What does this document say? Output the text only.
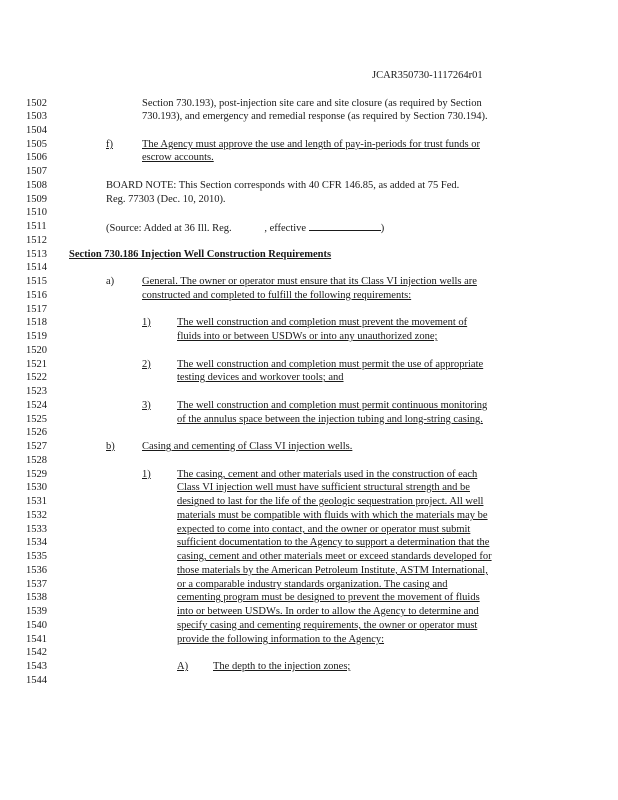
JCAR350730-1117264r01
1502
1503
1504
1505
1506
1507
1508
1509
1510
1511
1512
1513
1514
1515
1516
1517
1518
1519
1520
1521
1522
1523
1524
1525
1526
1527
1528
1529
1530
1531
1532
1533
1534
1535
1536
1537
1538
1539
1540
1541
1542
1543
1544
Section 730.193), post-injection site care and site closure (as required by Section
730.193), and emergency and remedial response (as required by Section 730.194).
f)	The Agency must approve the use and length of pay-in-periods for trust funds or
escrow accounts.
BOARD NOTE: This Section corresponds with 40 CFR 146.85, as added at 75 Fed.
Reg. 77303 (Dec. 10, 2010).
(Source: Added at 36 Ill. Reg.	, effective	)
Section 730.186 Injection Well Construction Requirements
a)	General. The owner or operator must ensure that its Class VI injection wells are
constructed and completed to fulfill the following requirements:
1)	The well construction and completion must prevent the movement of
fluids into or between USDWs or into any unauthorized zone;
2)	The well construction and completion must permit the use of appropriate
testing devices and workover tools; and
3)	The well construction and completion must permit continuous monitoring
of the annulus space between the injection tubing and long-string casing.
b)	Casing and cementing of Class VI injection wells.
1)	The casing, cement and other materials used in the construction of each
Class VI injection well must have sufficient structural strength and be
designed to last for the life of the geologic sequestration project. All well
materials must be compatible with fluids with which the materials may be
expected to come into contact, and the owner or operator must submit
sufficient documentation to the Agency to support a determination that the
casing, cement and other materials meet or exceed standards developed for
those materials by the American Petroleum Institute, ASTM International,
or a comparable industry standards organization. The casing and
cementing program must be designed to prevent the movement of fluids
into or between USDWs. In order to allow the Agency to determine and
specify casing and cementing requirements, the owner or operator must
provide the following information to the Agency:
A) The depth to the injection zones;
